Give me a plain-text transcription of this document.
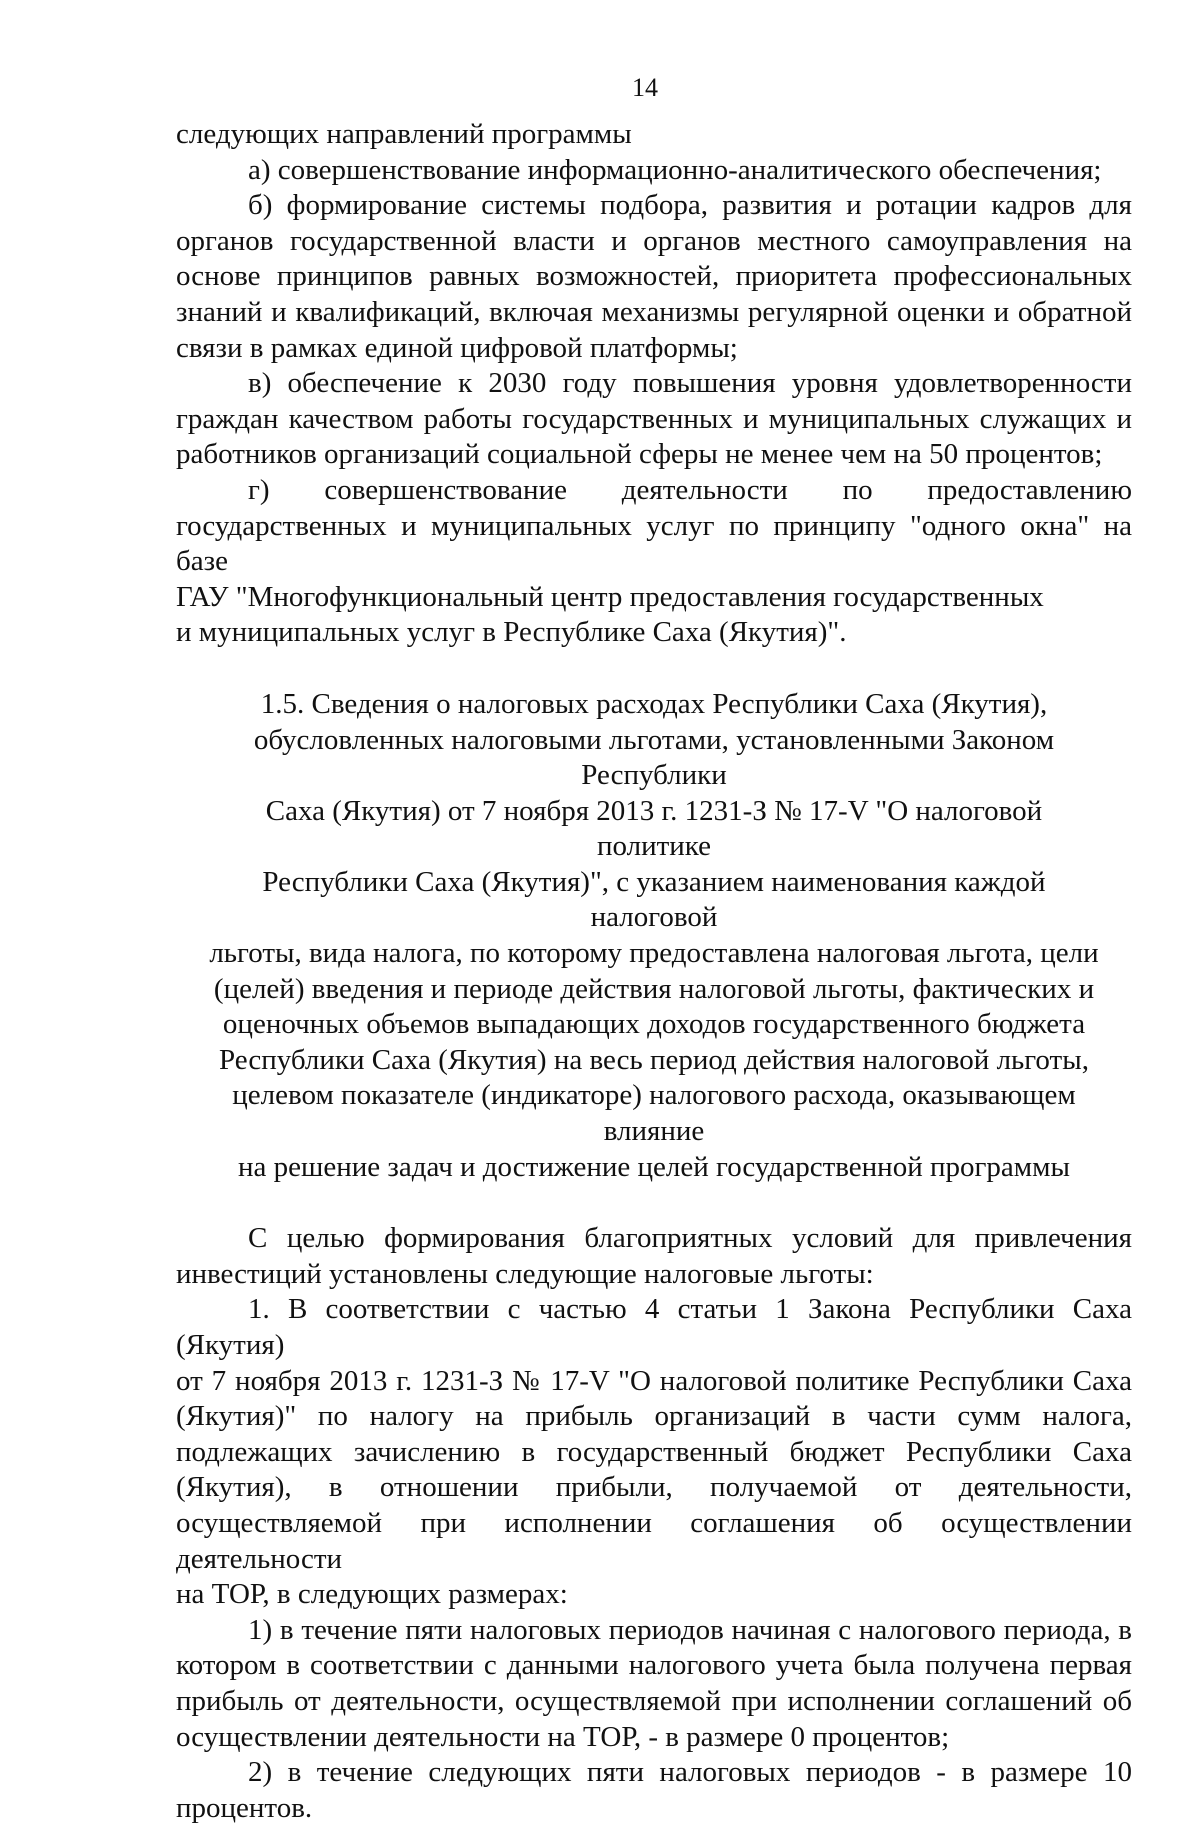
14

следующих направлений программы

а) совершенствование информационно-аналитического обеспечения;

б) формирование системы подбора, развития и ротации кадров для
органов государственной власти и органов местного самоуправления на
основе принципов равных возможностей, приоритета профессиональных
знаний и квалификаций, включая механизмы регулярной оценки и обратной
связи в рамках единой цифровой платформы;

в) обеспечение к 2030 году повышения уровня удовлетворенности
граждан качеством работы государственных и муниципальных служащих и
работников организаций социальной сферы не менее чем на 50 процентов;

г) совершенствование деятельности по предоставлению
государственных и муниципальных услуг по принципу "одного окна" на базе
ГАУ "Многофункциональный центр предоставления государственных
и муниципальных услуг в Республике Саха (Якутия)".

1.5. Сведения о налоговых расходах Республики Саха (Якутия),
обусловленных налоговыми льготами, установленными Законом Республики
Саха (Якутия) от 7 ноября 2013 г. 1231-З № 17-V "О налоговой политике
Республики Саха (Якутия)", с указанием наименования каждой налоговой
льготы, вида налога, по которому предоставлена налоговая льгота, цели
(целей) введения и периоде действия налоговой льготы, фактических и
оценочных объемов выпадающих доходов государственного бюджета
Республики Саха (Якутия) на весь период действия налоговой льготы,
целевом показателе (индикаторе) налогового расхода, оказывающем влияние
на решение задач и достижение целей государственной программы

С целью формирования благоприятных условий для привлечения
инвестиций установлены следующие налоговые льготы:

1. В соответствии с частью 4 статьи 1 Закона Республики Саха (Якутия)
от 7 ноября 2013 г. 1231-З № 17-V "О налоговой политике Республики Саха
(Якутия)" по налогу на прибыль организаций в части сумм налога,
подлежащих зачислению в государственный бюджет Республики Саха
(Якутия), в отношении прибыли, получаемой от деятельности,
осуществляемой при исполнении соглашения об осуществлении деятельности
на ТОР, в следующих размерах:

1) в течение пяти налоговых периодов начиная с налогового периода, в
котором в соответствии с данными налогового учета была получена первая
прибыль от деятельности, осуществляемой при исполнении соглашений об
осуществлении деятельности на ТОР, - в размере 0 процентов;

2) в течение следующих пяти налоговых периодов - в размере 10
процентов.
